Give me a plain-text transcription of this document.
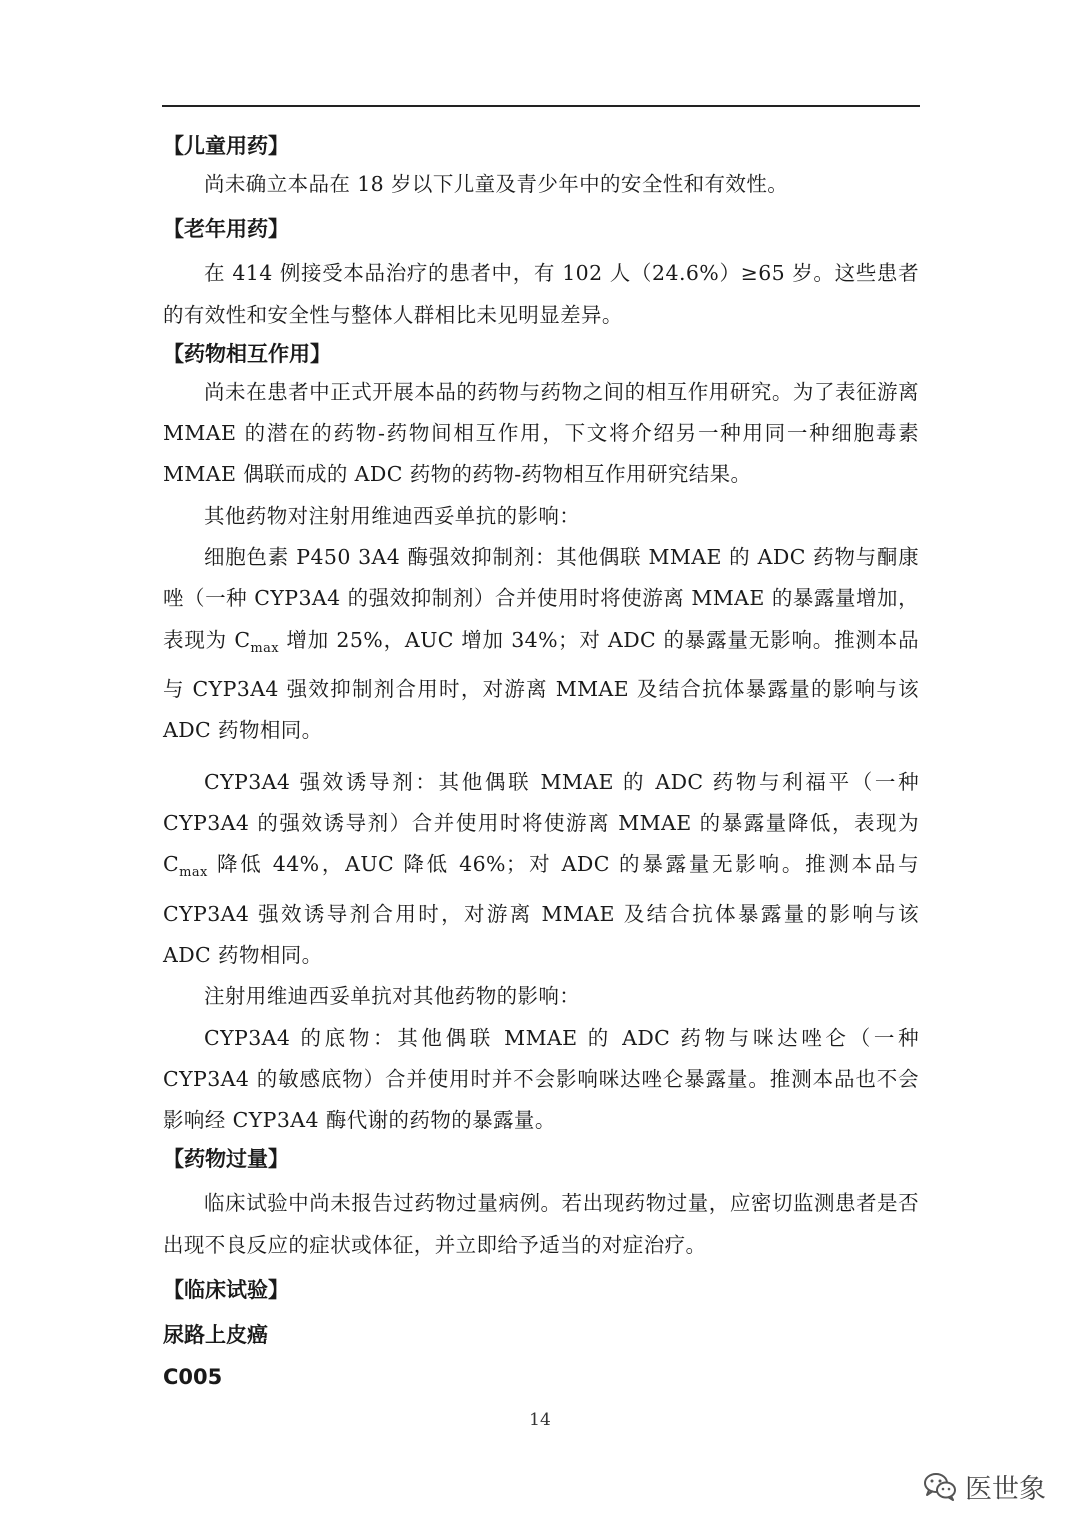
【儿童用药】

尚未确立本品在 18 岁以下儿童及青少年中的安全性和有效性。

【老年用药】

在 414 例接受本品治疗的患者中，有 102 人（24.6%）≥65 岁。这些患者的有效性和安全性与整体人群相比未见明显差异。

【药物相互作用】

尚未在患者中正式开展本品的药物与药物之间的相互作用研究。为了表征游离 MMAE 的潜在的药物-药物间相互作用，下文将介绍另一种用同一种细胞毒素 MMAE 偶联而成的 ADC 药物的药物-药物相互作用研究结果。

其他药物对注射用维迪西妥单抗的影响：

细胞色素 P450 3A4 酶强效抑制剂：其他偶联 MMAE 的 ADC 药物与酮康唑（一种 CYP3A4 的强效抑制剂）合并使用时将使游离 MMAE 的暴露量增加，表现为 $C_{max}$ 增加 25%，AUC 增加 34%；对 ADC 的暴露量无影响。推测本品与 CYP3A4 强效抑制剂合用时，对游离 MMAE 及结合抗体暴露量的影响与该 ADC 药物相同。

CYP3A4 强效诱导剂：其他偶联 MMAE 的 ADC 药物与利福平（一种 CYP3A4 的强效诱导剂）合并使用时将使游离 MMAE 的暴露量降低，表现为 $C_{max}$ 降低 44%，AUC 降低 46%；对 ADC 的暴露量无影响。推测本品与 CYP3A4 强效诱导剂合用时，对游离 MMAE 及结合抗体暴露量的影响与该 ADC 药物相同。

注射用维迪西妥单抗对其他药物的影响：

CYP3A4 的底物：其他偶联 MMAE 的 ADC 药物与咪达唑仑（一种 CYP3A4 的敏感底物）合并使用时并不会影响咪达唑仑暴露量。推测本品也不会影响经 CYP3A4 酶代谢的药物的暴露量。

【药物过量】

临床试验中尚未报告过药物过量病例。若出现药物过量，应密切监测患者是否出现不良反应的症状或体征，并立即给予适当的对症治疗。

【临床试验】

尿路上皮癌

C005

14
医世象
